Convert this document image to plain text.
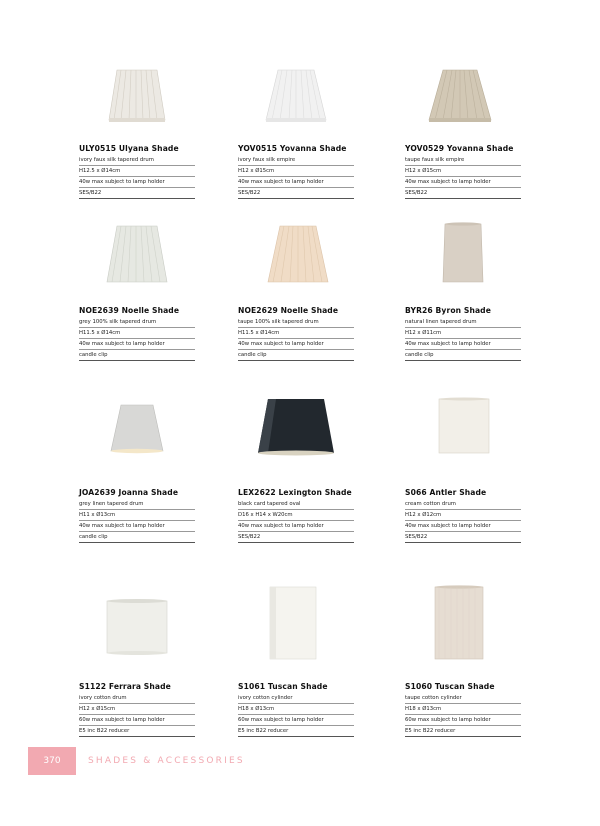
ULY0515 Ulyana Shade
ivory faux silk tapered drum
H12.5 x Ø14cm
40w max subject to lamp holder
SES/B22
YOV0515 Yovanna Shade
ivory faux silk empire
H12 x Ø15cm
40w max subject to lamp holder
SES/B22
YOV0529 Yovanna Shade
taupe faux silk empire
H12 x Ø15cm
40w max subject to lamp holder
SES/B22
NOE2639 Noelle Shade
grey 100% silk tapered drum
H11.5 x Ø14cm
40w max subject to lamp holder
candle clip
NOE2629 Noelle Shade
taupe 100% silk tapered drum
H11.5 x Ø14cm
40w max subject to lamp holder
candle clip
BYR26 Byron Shade
natural linen tapered drum
H12 x Ø11cm
40w max subject to lamp holder
candle clip
JOA2639 Joanna Shade
grey linen tapered drum
H11 x Ø13cm
40w max subject to lamp holder
candle clip
LEX2622 Lexington Shade
black card tapered oval
D16 x H14 x W20cm
40w max subject to lamp holder
SES/B22
S066 Antler Shade
cream cotton drum
H12 x Ø12cm
40w max subject to lamp holder
SES/B22
S1122 Ferrara Shade
ivory cotton drum
H12 x Ø15cm
60w max subject to lamp holder
E5 inc B22 reducer
S1061 Tuscan Shade
ivory cotton cylinder
H18 x Ø13cm
60w max subject to lamp holder
E5 inc B22 reducer
S1060 Tuscan Shade
taupe cotton cylinder
H18 x Ø13cm
60w max subject to lamp holder
E5 inc B22 reducer
370	SHADES & ACCESSORIES
